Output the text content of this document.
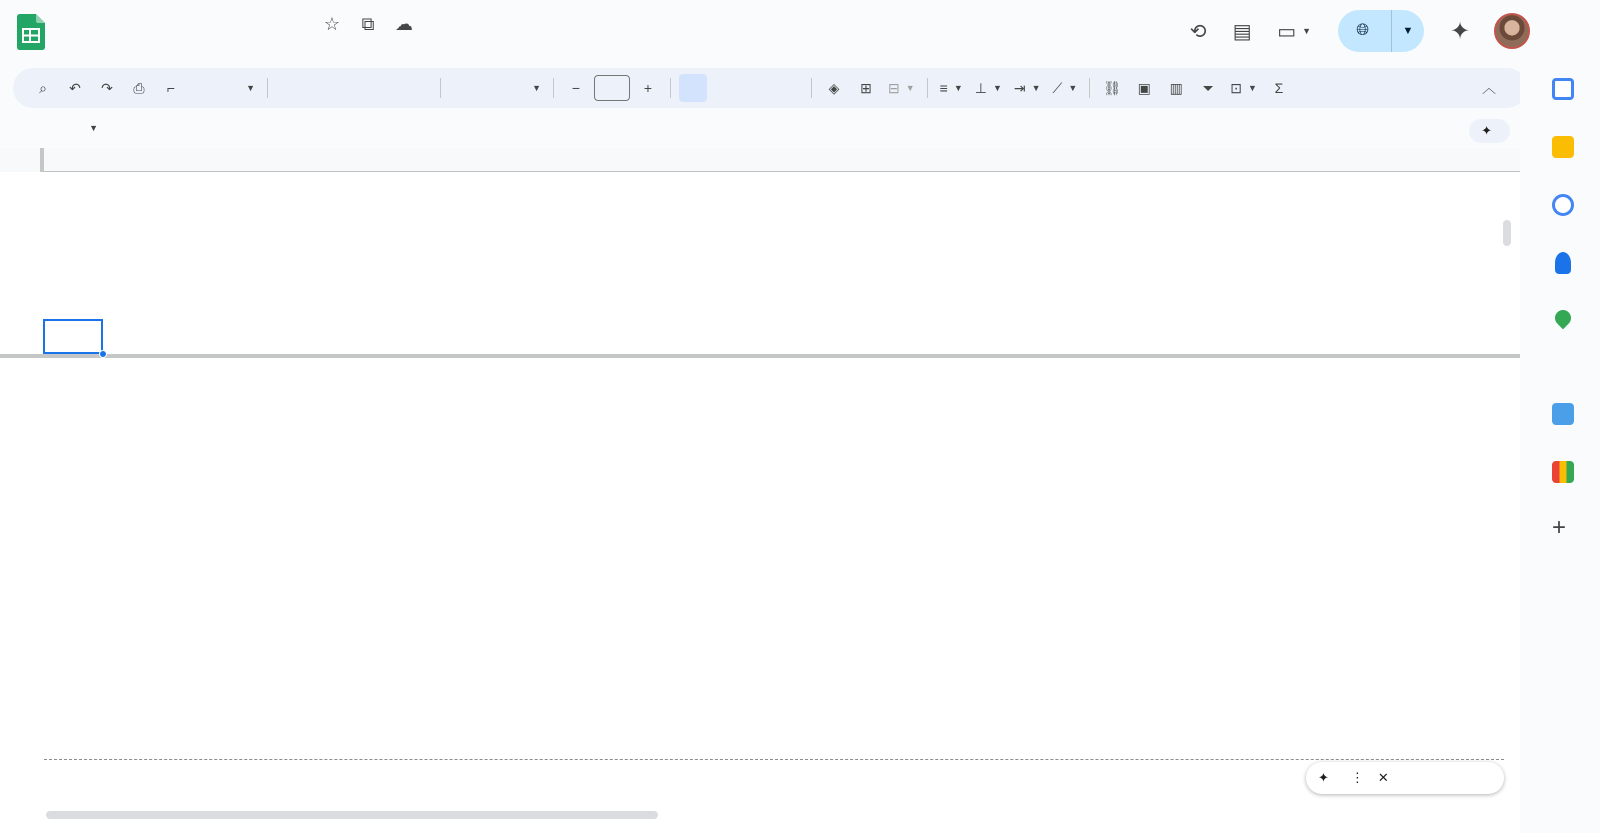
☆	⧉	☁	⟲	▤	▭ ▼	🌐︎	▼	✦
⌕	↶	↷	⎙	⌐	▼	▼	−	+	◈	⊞	⊟ ▼ ≡ ▼ ⊥ ▼ ⇥ ▼ ⟋ ▼	⛓	▣	▥	⏷	⊡ ▼	Σ	︿
▼	✦
✦ ⋮ ✕
+
